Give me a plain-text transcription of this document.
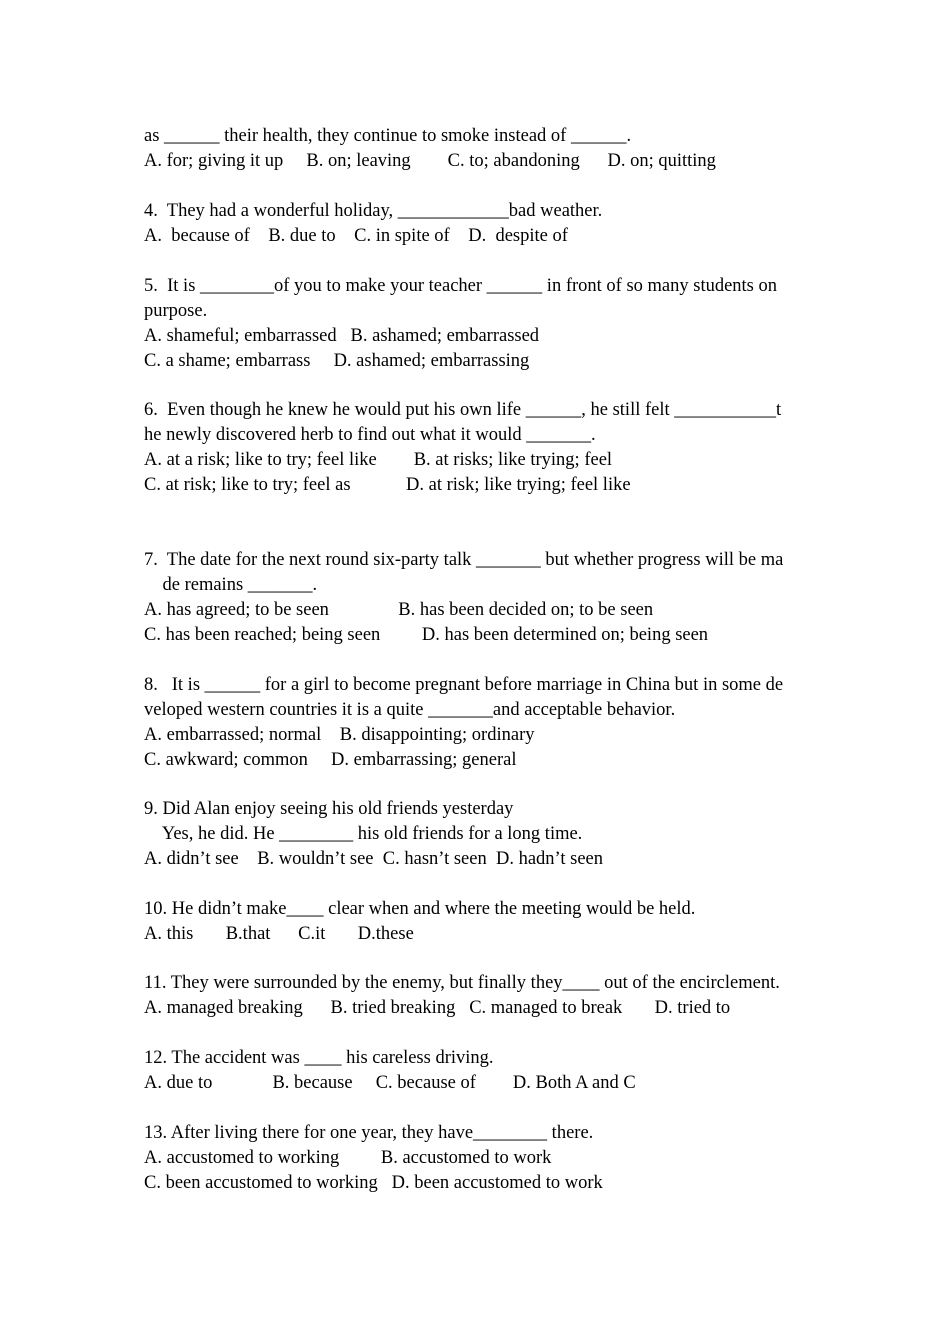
as ______ their health, they continue to smoke instead of ______.
A. for; giving it up     B. on; leaving        C. to; abandoning      D. on; quitting
4.  They had a wonderful holiday, ____________bad weather.
A.  because of    B. due to    C. in spite of    D.  despite of
5.  It is ________of you to make your teacher ______ in front of so many students on
purpose.
A. shameful; embarrassed   B. ashamed; embarrassed
C. a shame; embarrass     D. ashamed; embarrassing
6.  Even though he knew he would put his own life ______, he still felt ___________t
he newly discovered herb to find out what it would _______.
A. at a risk; like to try; feel like        B. at risks; like trying; feel
C. at risk; like to try; feel as            D. at risk; like trying; feel like
7.  The date for the next round six-party talk _______ but whether progress will be ma
de remains _______.
A. has agreed; to be seen               B. has been decided on; to be seen
C. has been reached; being seen         D. has been determined on; being seen
8.   It is ______ for a girl to become pregnant before marriage in China but in some de
veloped western countries it is a quite _______and acceptable behavior.
A. embarrassed; normal    B. disappointing; ordinary
C. awkward; common     D. embarrassing; general
9. Did Alan enjoy seeing his old friends yesterday
Yes, he did. He ________ his old friends for a long time.
A. didn’t see    B. wouldn’t see  C. hasn’t seen  D. hadn’t seen
10. He didn’t make____ clear when and where the meeting would be held.
A. this       B.that      C.it       D.these
11. They were surrounded by the enemy, but finally they____ out of the encirclement.
A. managed breaking      B. tried breaking   C. managed to break       D. tried to
12. The accident was ____ his careless driving.
A. due to             B. because     C. because of        D. Both A and C
13. After living there for one year, they have________ there.
A. accustomed to working         B. accustomed to work
C. been accustomed to working   D. been accustomed to work
